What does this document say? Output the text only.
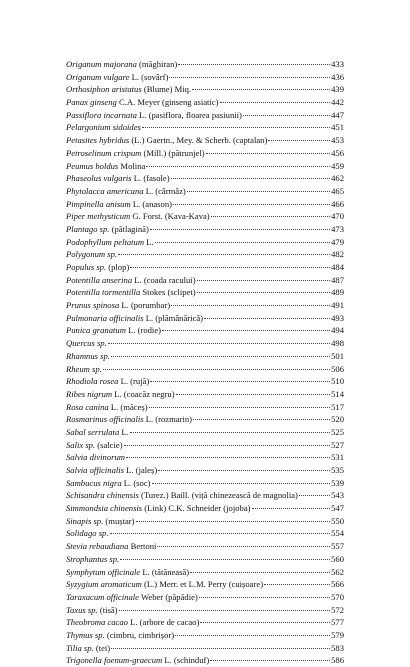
Origanum majorana (măghiran)	433
Origanum vulgare L. (sovârf)	436
Orthosiphon aristatus (Blume) Miq.	439
Panax ginseng C.A. Meyer (ginseng asiatic)	442
Passiflora incarnata L. (pasiflora, floarea pasiunii)	447
Pelargonium sidoides	451
Petasites hybridus (L.) Gaertn., Mey. & Scherb. (captalan)	453
Petroselinum crispum (Mill.) (pătrunjel)	456
Peumus boldus Molina	459
Phaseolus vulgaris L. (fasole)	462
Phytolacca americana L. (cârmâz)	465
Pimpinella anisum L. (anason)	466
Piper methysticum G. Forst. (Kava-Kava)	470
Plantago sp. (pătlagină)	473
Podophyllum peltatum L.	479
Polygonum sp.	482
Populus sp. (plop)	484
Potentilla anserina L. (coada racului)	487
Potentilla tormentilla Stokes (sclipet)	489
Prunus spinosa L. (porumbar)	491
Pulmonaria officinalis L. (plămânărică)	493
Punica granatum L. (rodie)	494
Quercus sp.	498
Rhamnus sp.	501
Rheum sp.	506
Rhodiola rosea L. (rujă)	510
Ribes nigrum L. (coacăz negru)	514
Rosa canina L. (măceș)	517
Rosmarinus officinalis L. (rozmarin)	520
Sabal serrulata L.	525
Salix sp. (salcie)	527
Salvia divinorum	531
Salvia officinalis L. (jaleș)	535
Sambucus nigra L. (soc)	539
Schisandra chinensis (Turez.) Baill. (viță chinezească de magnolia)	543
Simmondsia chinensis (Link) C.K. Schneider (jojoba)	547
Sinapis sp. (muștar)	550
Solidago sp.	554
Stevia rebaudiana Bertoni	557
Strophantus sp.	560
Symphytum officinale L. (tătăneasă)	562
Syzygium aromaticum (L.) Merr. et L.M. Perry (cuișoare)	566
Taraxacum officinale Weber (păpădie)	570
Taxus sp. (tisă)	572
Theobroma cacao L. (arbore de cacao)	577
Thymus sp. (cimbru, cimbrișor)	579
Tilia sp. (tei)	583
Trigonella foenum-graecum L. (schinduf)	586
